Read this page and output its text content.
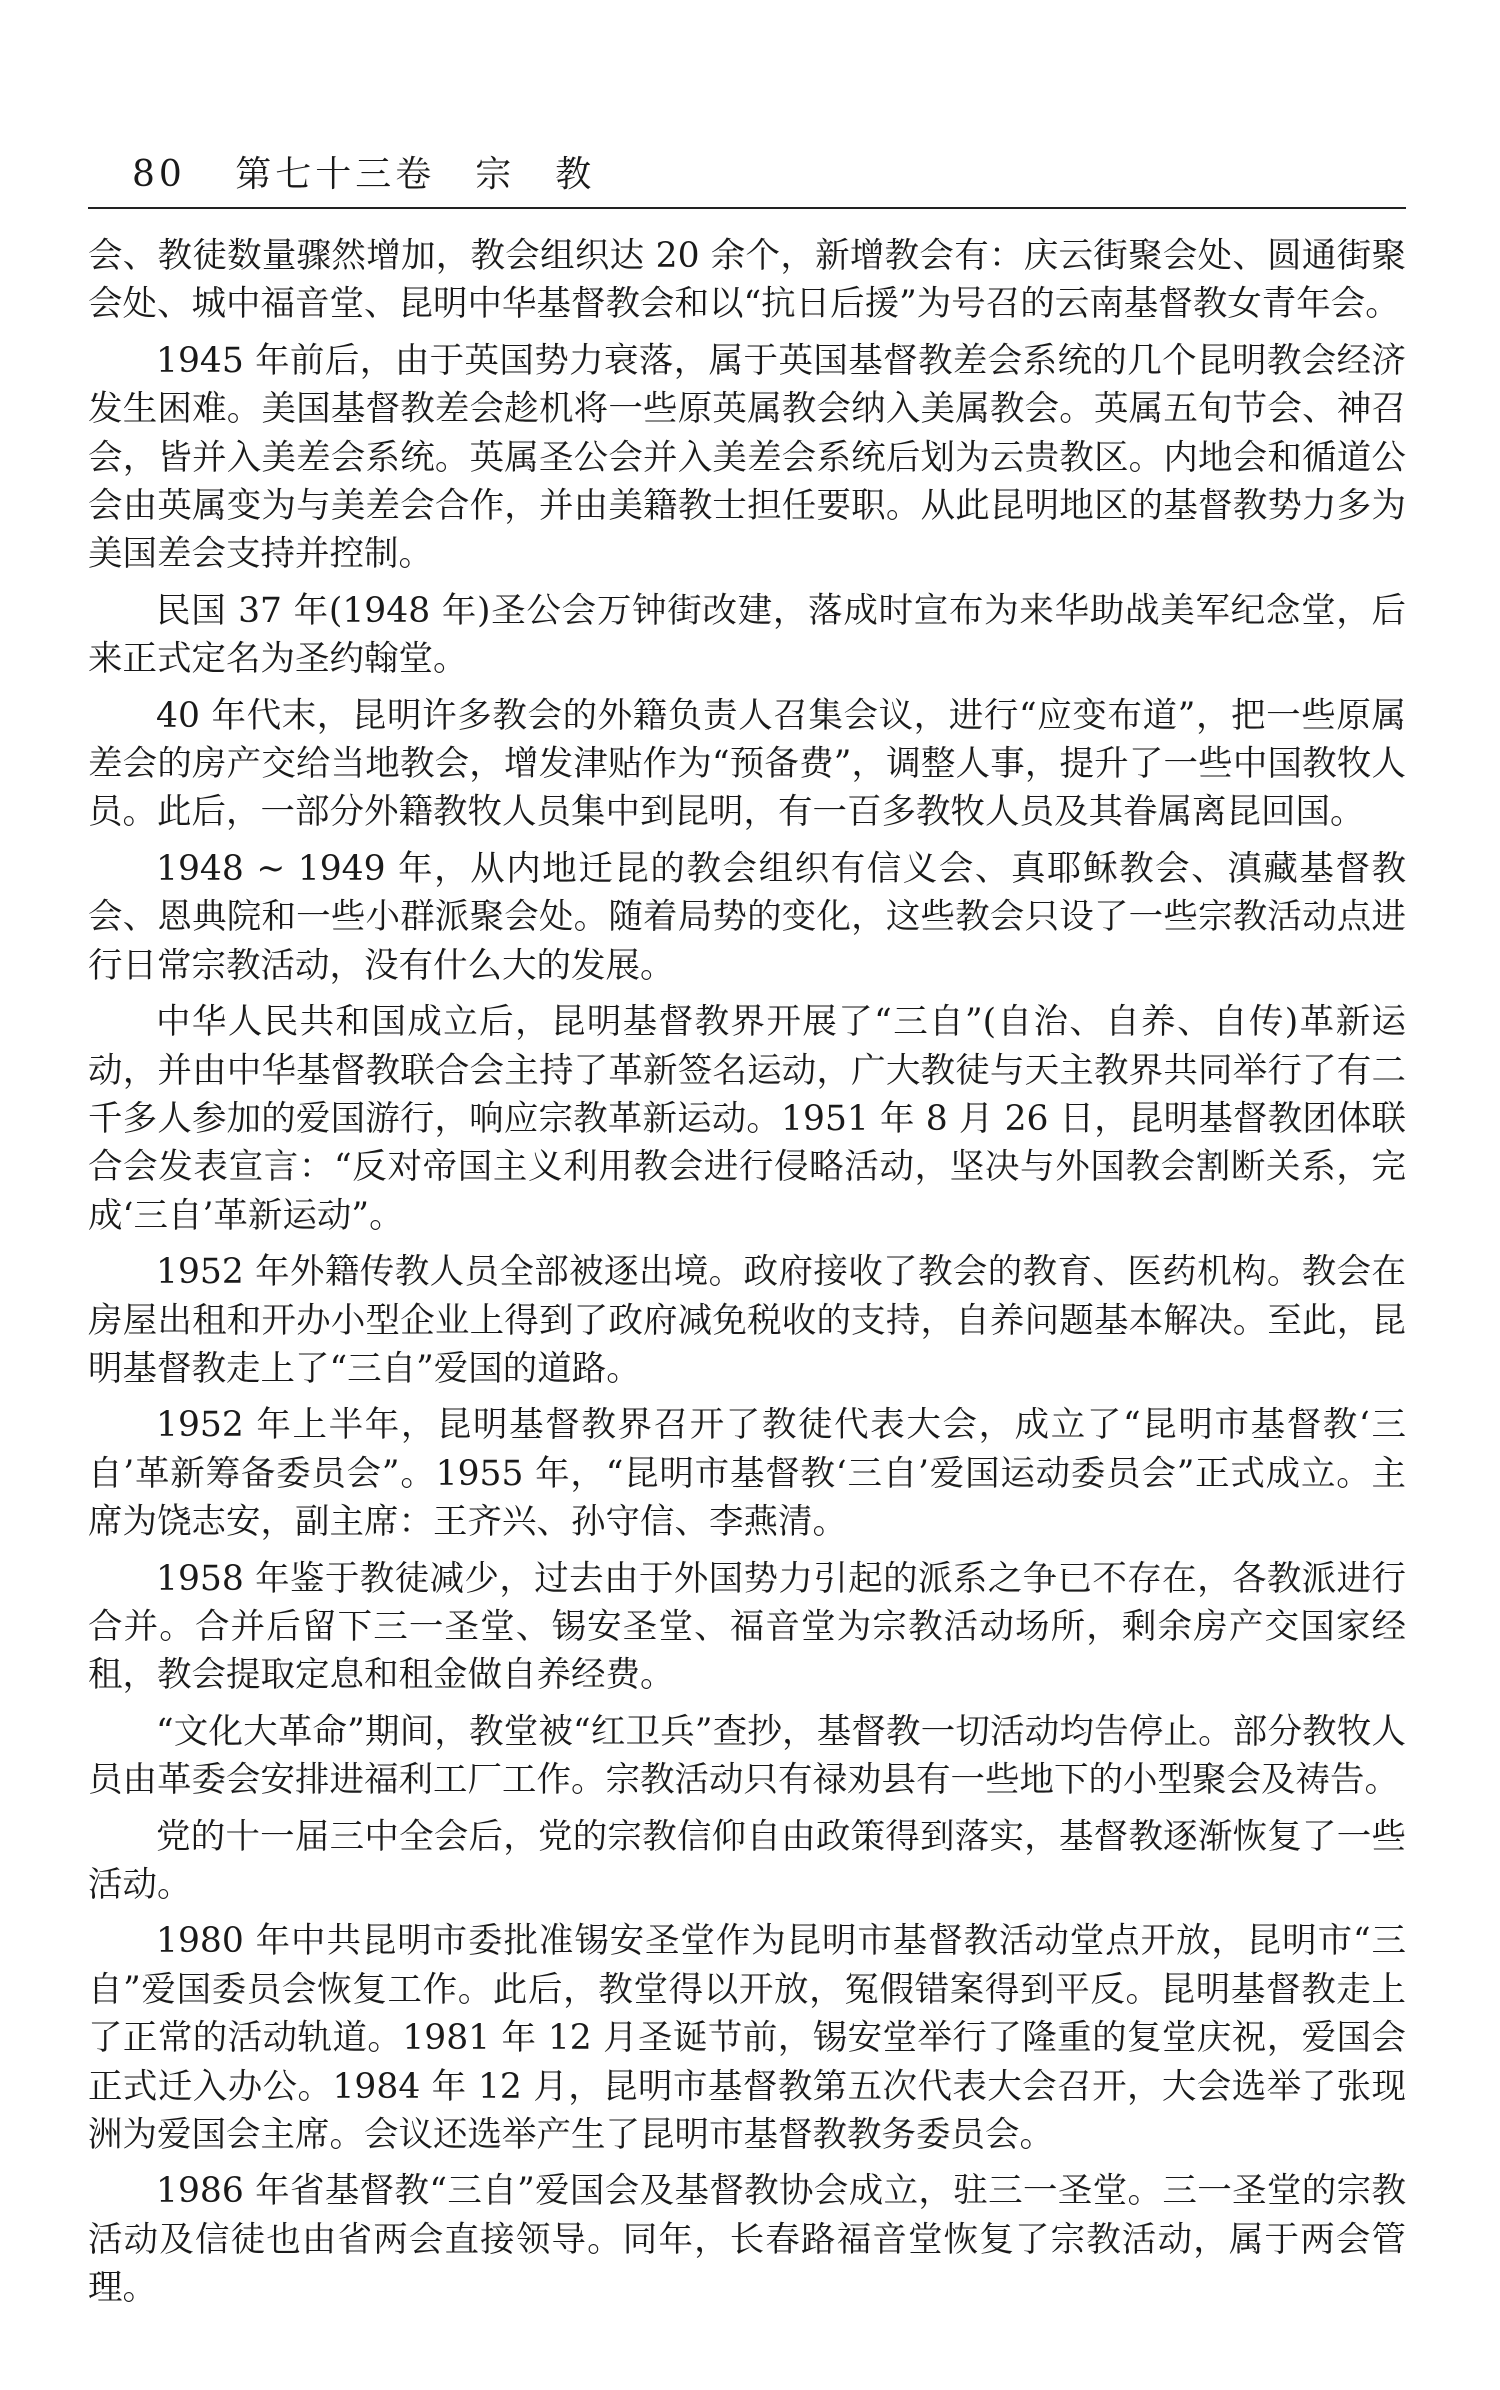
80 第七十三卷　宗　教

会、教徒数量骤然增加，教会组织达 20 余个，新增教会有：庆云街聚会处、圆通街聚会处、城中福音堂、昆明中华基督教会和以“抗日后援”为号召的云南基督教女青年会。

1945 年前后，由于英国势力衰落，属于英国基督教差会系统的几个昆明教会经济发生困难。美国基督教差会趁机将一些原英属教会纳入美属教会。英属五旬节会、神召会，皆并入美差会系统。英属圣公会并入美差会系统后划为云贵教区。内地会和循道公会由英属变为与美差会合作，并由美籍教士担任要职。从此昆明地区的基督教势力多为美国差会支持并控制。

民国 37 年(1948 年)圣公会万钟街改建，落成时宣布为来华助战美军纪念堂，后来正式定名为圣约翰堂。

40 年代末，昆明许多教会的外籍负责人召集会议，进行“应变布道”，把一些原属差会的房产交给当地教会，增发津贴作为“预备费”，调整人事，提升了一些中国教牧人员。此后，一部分外籍教牧人员集中到昆明，有一百多教牧人员及其眷属离昆回国。

1948 ~ 1949 年，从内地迁昆的教会组织有信义会、真耶稣教会、滇藏基督教会、恩典院和一些小群派聚会处。随着局势的变化，这些教会只设了一些宗教活动点进行日常宗教活动，没有什么大的发展。

中华人民共和国成立后，昆明基督教界开展了“三自”(自治、自养、自传)革新运动，并由中华基督教联合会主持了革新签名运动，广大教徒与天主教界共同举行了有二千多人参加的爱国游行，响应宗教革新运动。1951 年 8 月 26 日，昆明基督教团体联合会发表宣言：“反对帝国主义利用教会进行侵略活动，坚决与外国教会割断关系，完成‘三自’革新运动”。

1952 年外籍传教人员全部被逐出境。政府接收了教会的教育、医药机构。教会在房屋出租和开办小型企业上得到了政府减免税收的支持，自养问题基本解决。至此，昆明基督教走上了“三自”爱国的道路。

1952 年上半年，昆明基督教界召开了教徒代表大会，成立了“昆明市基督教‘三自’革新筹备委员会”。1955 年，“昆明市基督教‘三自’爱国运动委员会”正式成立。主席为饶志安，副主席：王齐兴、孙守信、李燕清。

1958 年鉴于教徒减少，过去由于外国势力引起的派系之争已不存在，各教派进行合并。合并后留下三一圣堂、锡安圣堂、福音堂为宗教活动场所，剩余房产交国家经租，教会提取定息和租金做自养经费。

“文化大革命”期间，教堂被“红卫兵”查抄，基督教一切活动均告停止。部分教牧人员由革委会安排进福利工厂工作。宗教活动只有禄劝县有一些地下的小型聚会及祷告。

党的十一届三中全会后，党的宗教信仰自由政策得到落实，基督教逐渐恢复了一些活动。

1980 年中共昆明市委批准锡安圣堂作为昆明市基督教活动堂点开放，昆明市“三自”爱国委员会恢复工作。此后，教堂得以开放，冤假错案得到平反。昆明基督教走上了正常的活动轨道。1981 年 12 月圣诞节前，锡安堂举行了隆重的复堂庆祝，爱国会正式迁入办公。1984 年 12 月，昆明市基督教第五次代表大会召开，大会选举了张现洲为爱国会主席。会议还选举产生了昆明市基督教教务委员会。

1986 年省基督教“三自”爱国会及基督教协会成立，驻三一圣堂。三一圣堂的宗教活动及信徒也由省两会直接领导。同年，长春路福音堂恢复了宗教活动，属于两会管理。
